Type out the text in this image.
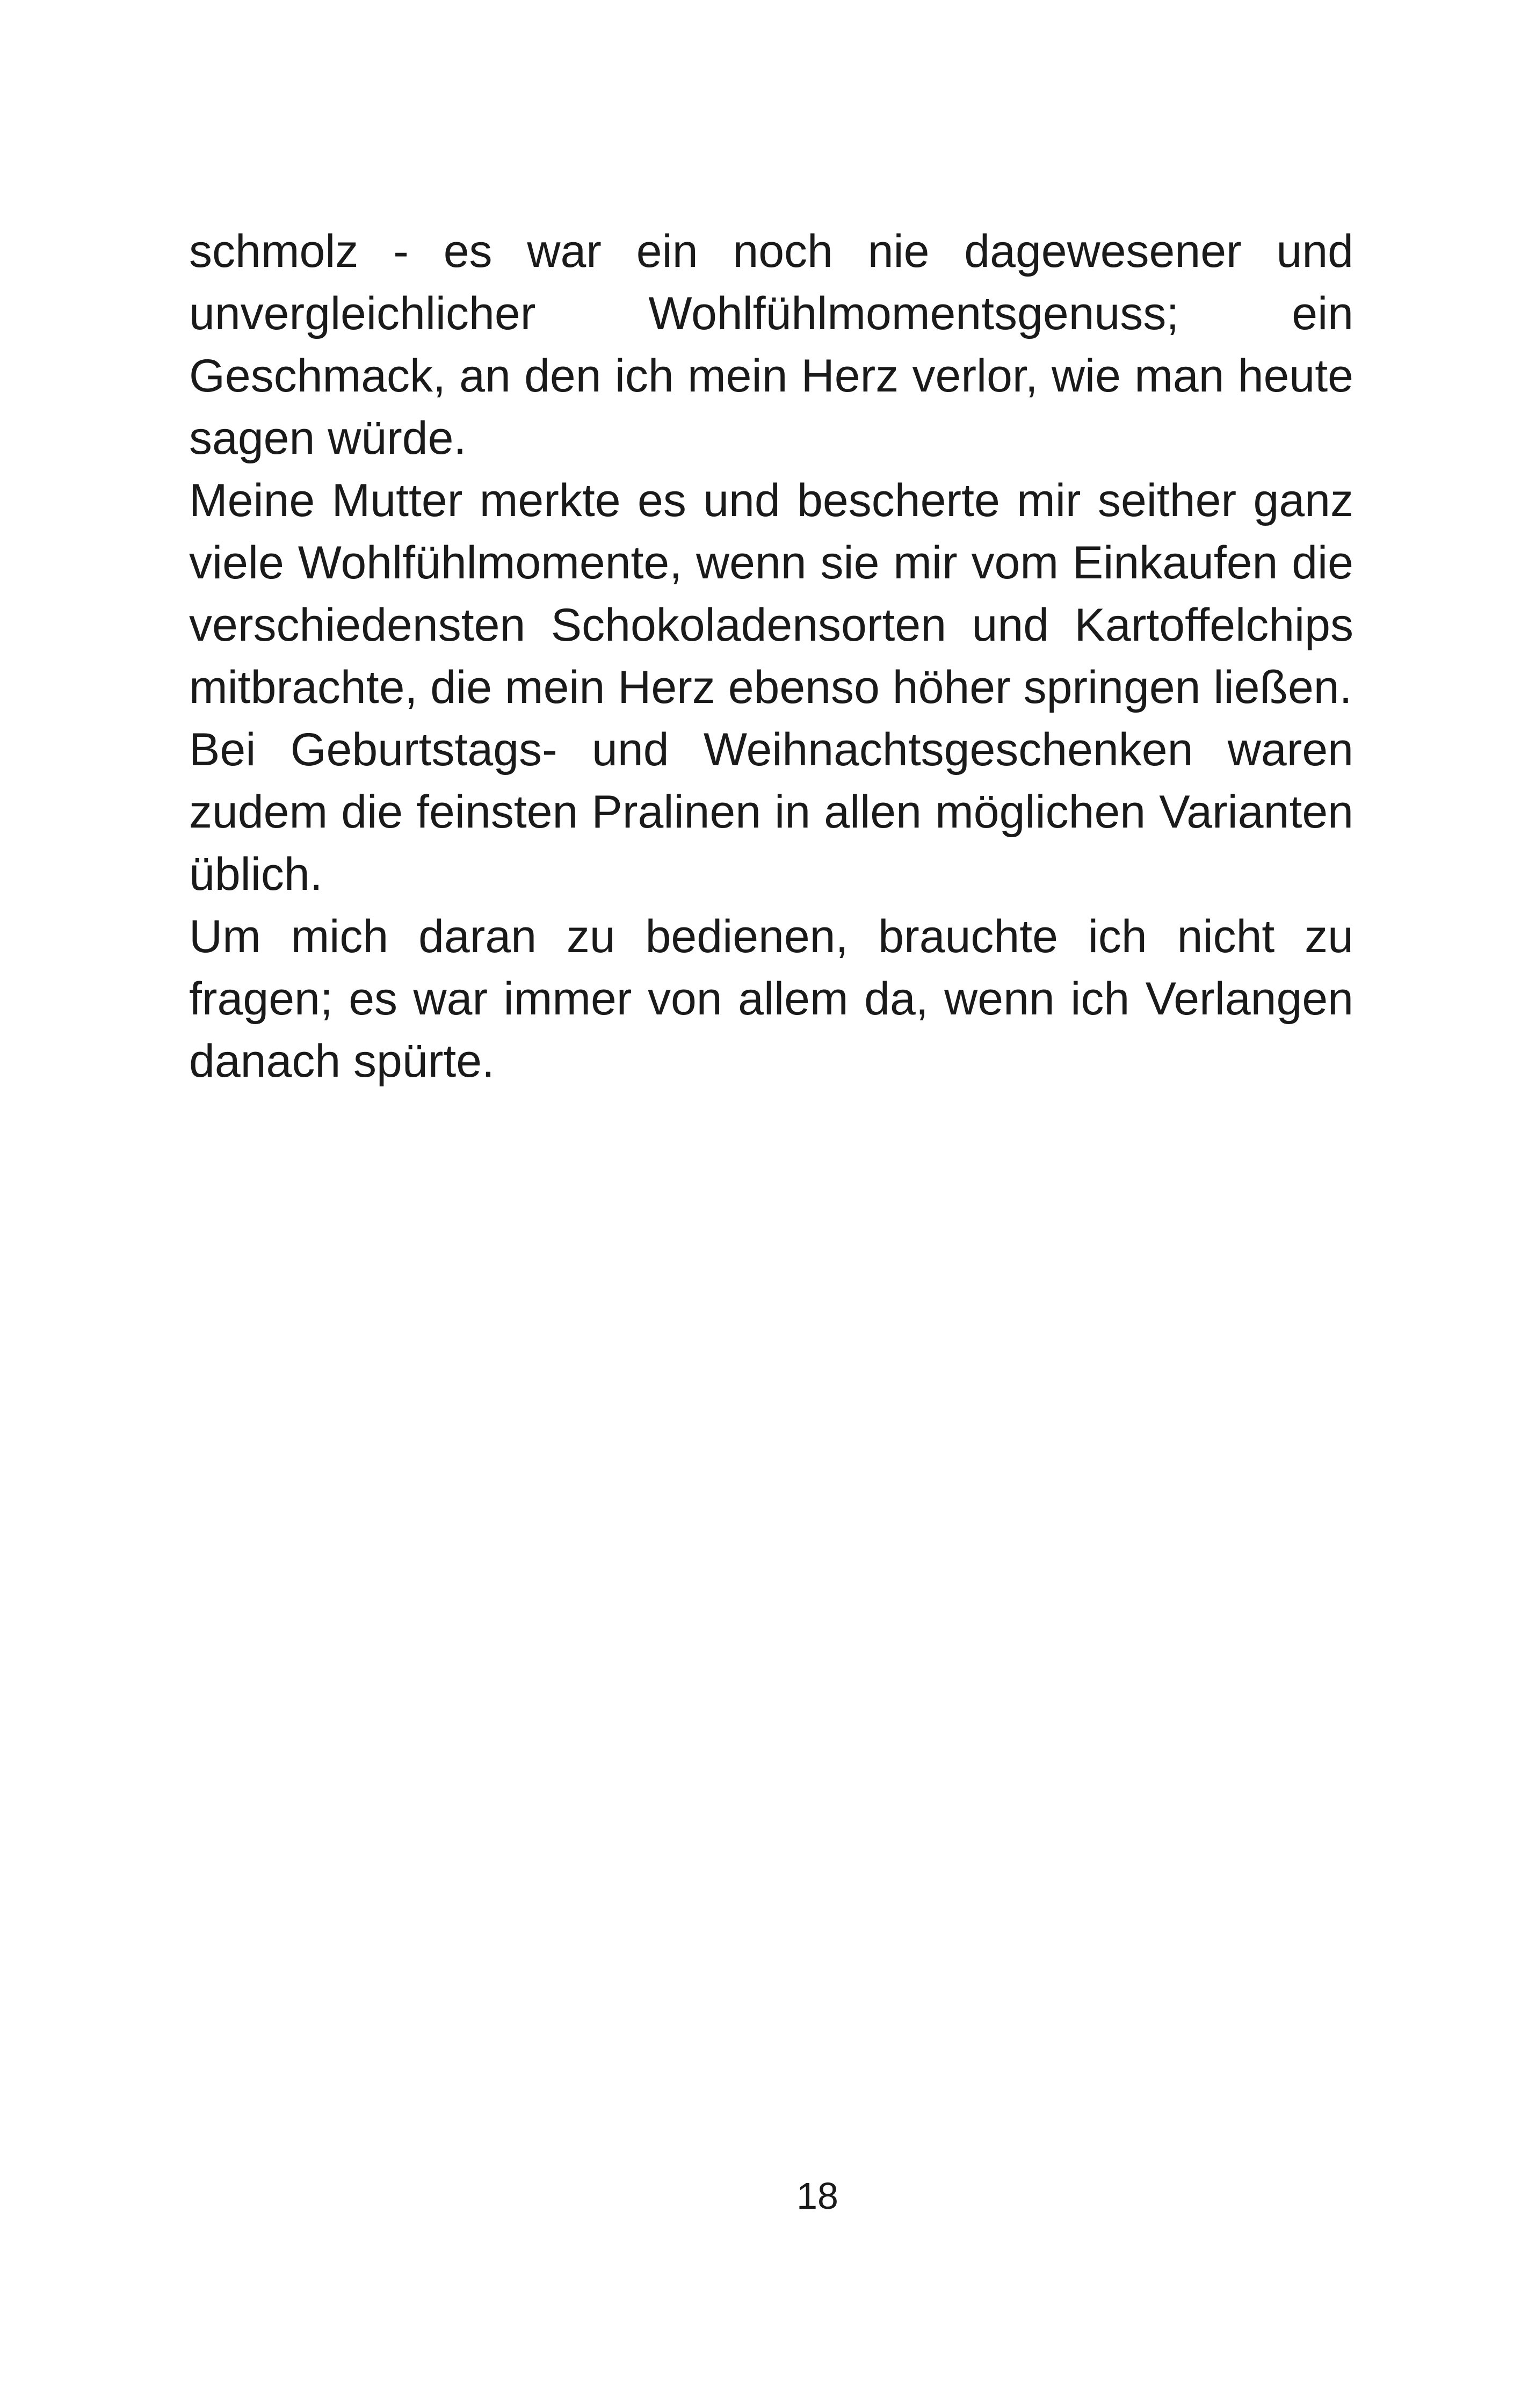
schmolz - es war ein noch nie dagewesener und unvergleichlicher Wohlfühlmomentsgenuss; ein Geschmack, an den ich mein Herz verlor, wie man heute sagen würde.

Meine Mutter merkte es und bescherte mir seither ganz viele Wohlfühlmomente, wenn sie mir vom Einkaufen die verschiedensten Schokoladensorten und Kartoffelchips mitbrachte, die mein Herz ebenso höher springen ließen.

Bei Geburtstags- und Weihnachtsgeschenken waren zudem die feinsten Pralinen in allen möglichen Varianten üblich.

Um mich daran zu bedienen, brauchte ich nicht zu fragen; es war immer von allem da, wenn ich Verlangen danach spürte.

18
